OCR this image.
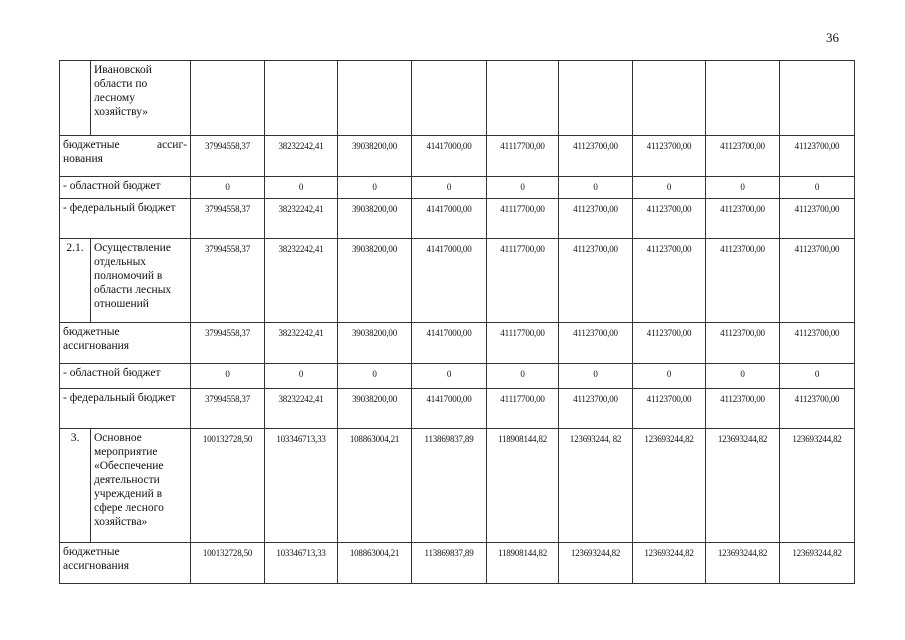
36
	Ивановской области по лесному хозяйству»									

бюджетные ассиг-нования		37994558,37	38232242,41	39038200,00	41417000,00	41117700,00	41123700,00	41123700,00	41123700,00	41123700,00
- областной бюджет		0	0	0	0	0	0	0	0	0
- федеральный бюджет		37994558,37	38232242,41	39038200,00	41417000,00	41117700,00	41123700,00	41123700,00	41123700,00	41123700,00
2.1.	Осуществление отдельных полномочий в области лесных отношений	37994558,37	38232242,41	39038200,00	41417000,00	41117700,00	41123700,00	41123700,00	41123700,00	41123700,00
бюджетные ассигнования		37994558,37	38232242,41	39038200,00	41417000,00	41117700,00	41123700,00	41123700,00	41123700,00	41123700,00
- областной бюджет		0	0	0	0	0	0	0	0	0
- федеральный бюджет		37994558,37	38232242,41	39038200,00	41417000,00	41117700,00	41123700,00	41123700,00	41123700,00	41123700,00
3.	Основное мероприятие «Обеспечение деятельности учреждений в сфере лесного хозяйства»	100132728,50	103346713,33	108863004,21	113869837,89	118908144,82	123693244, 82	123693244,82	123693244,82	123693244,82
бюджетные ассигнования		100132728,50	103346713,33	108863004,21	113869837,89	118908144,82	123693244,82	123693244,82	123693244,82	123693244,82
